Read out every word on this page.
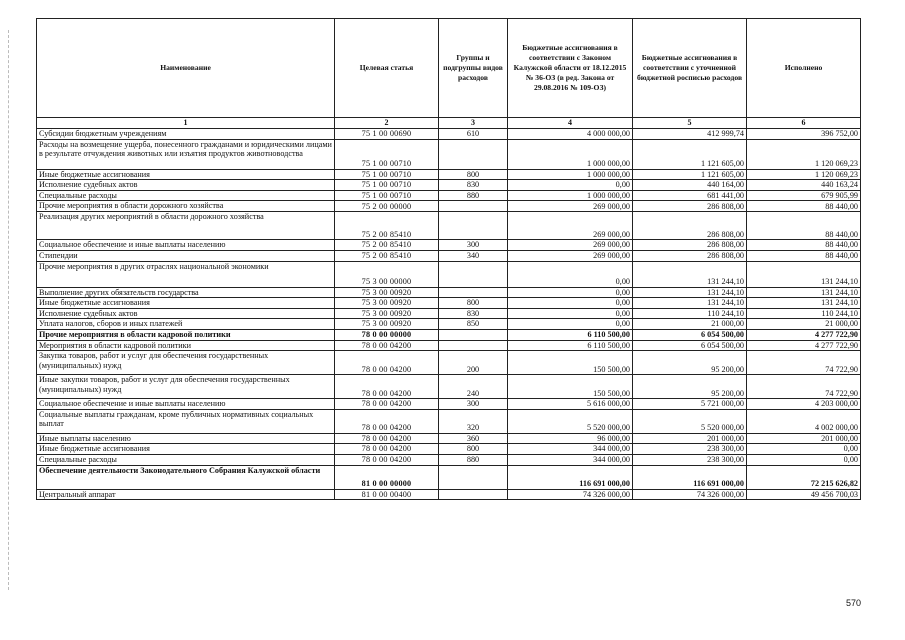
Наименование	Целевая статья	Группы и подгруппы видов расходов	Бюджетные ассигнования в соответствии с Законом Калужской области от 18.12.2015 № 36-ОЗ (в ред. Закона от 29.08.2016 № 109-ОЗ)	Бюджетные ассигнования в соответствии с уточненной бюджетной росписью расходов	Исполнено
1	2	3	4	5	6
Субсидии бюджетным учреждениям	75 1 00 00690	610	4 000 000,00	412 999,74	396 752,00
Расходы на возмещение ущерба, понесенного гражданами и юридическими лицами в результате отчуждения животных или изъятия продуктов животноводства	75 1 00 00710		1 000 000,00	1 121 605,00	1 120 069,23
Иные бюджетные ассигнования	75 1 00 00710	800	1 000 000,00	1 121 605,00	1 120 069,23
Исполнение судебных актов	75 1 00 00710	830	0,00	440 164,00	440 163,24
Специальные расходы	75 1 00 00710	880	1 000 000,00	681 441,00	679 905,99
Прочие мероприятия в области дорожного хозяйства	75 2 00 00000		269 000,00	286 808,00	88 440,00
Реализация других мероприятий в области дорожного хозяйства	75 2 00 85410		269 000,00	286 808,00	88 440,00
Социальное обеспечение и иные выплаты населению	75 2 00 85410	300	269 000,00	286 808,00	88 440,00
Стипендии	75 2 00 85410	340	269 000,00	286 808,00	88 440,00
Прочие мероприятия в других отраслях национальной экономики	75 3 00 00000		0,00	131 244,10	131 244,10
Выполнение других обязательств государства	75 3 00 00920		0,00	131 244,10	131 244,10
Иные бюджетные ассигнования	75 3 00 00920	800	0,00	131 244,10	131 244,10
Исполнение судебных актов	75 3 00 00920	830	0,00	110 244,10	110 244,10
Уплата налогов, сборов и иных платежей	75 3 00 00920	850	0,00	21 000,00	21 000,00
Прочие мероприятия в области кадровой политики	78 0 00 00000		6 110 500,00	6 054 500,00	4 277 722,90
Мероприятия в области кадровой политики	78 0 00 04200		6 110 500,00	6 054 500,00	4 277 722,90
Закупка товаров, работ и услуг для обеспечения государственных (муниципальных) нужд	78 0 00 04200	200	150 500,00	95 200,00	74 722,90
Иные закупки товаров, работ и услуг для обеспечения государственных (муниципальных) нужд	78 0 00 04200	240	150 500,00	95 200,00	74 722,90
Социальное обеспечение и иные выплаты населению	78 0 00 04200	300	5 616 000,00	5 721 000,00	4 203 000,00
Социальные выплаты гражданам, кроме публичных нормативных социальных выплат	78 0 00 04200	320	5 520 000,00	5 520 000,00	4 002 000,00
Иные выплаты населению	78 0 00 04200	360	96 000,00	201 000,00	201 000,00
Иные бюджетные ассигнования	78 0 00 04200	800	344 000,00	238 300,00	0,00
Специальные расходы	78 0 00 04200	880	344 000,00	238 300,00	0,00
Обеспечение деятельности Законодательного Собрания Калужской области	81 0 00 00000		116 691 000,00	116 691 000,00	72 215 626,82
Центральный аппарат	81 0 00 00400		74 326 000,00	74 326 000,00	49 456 700,03
570
